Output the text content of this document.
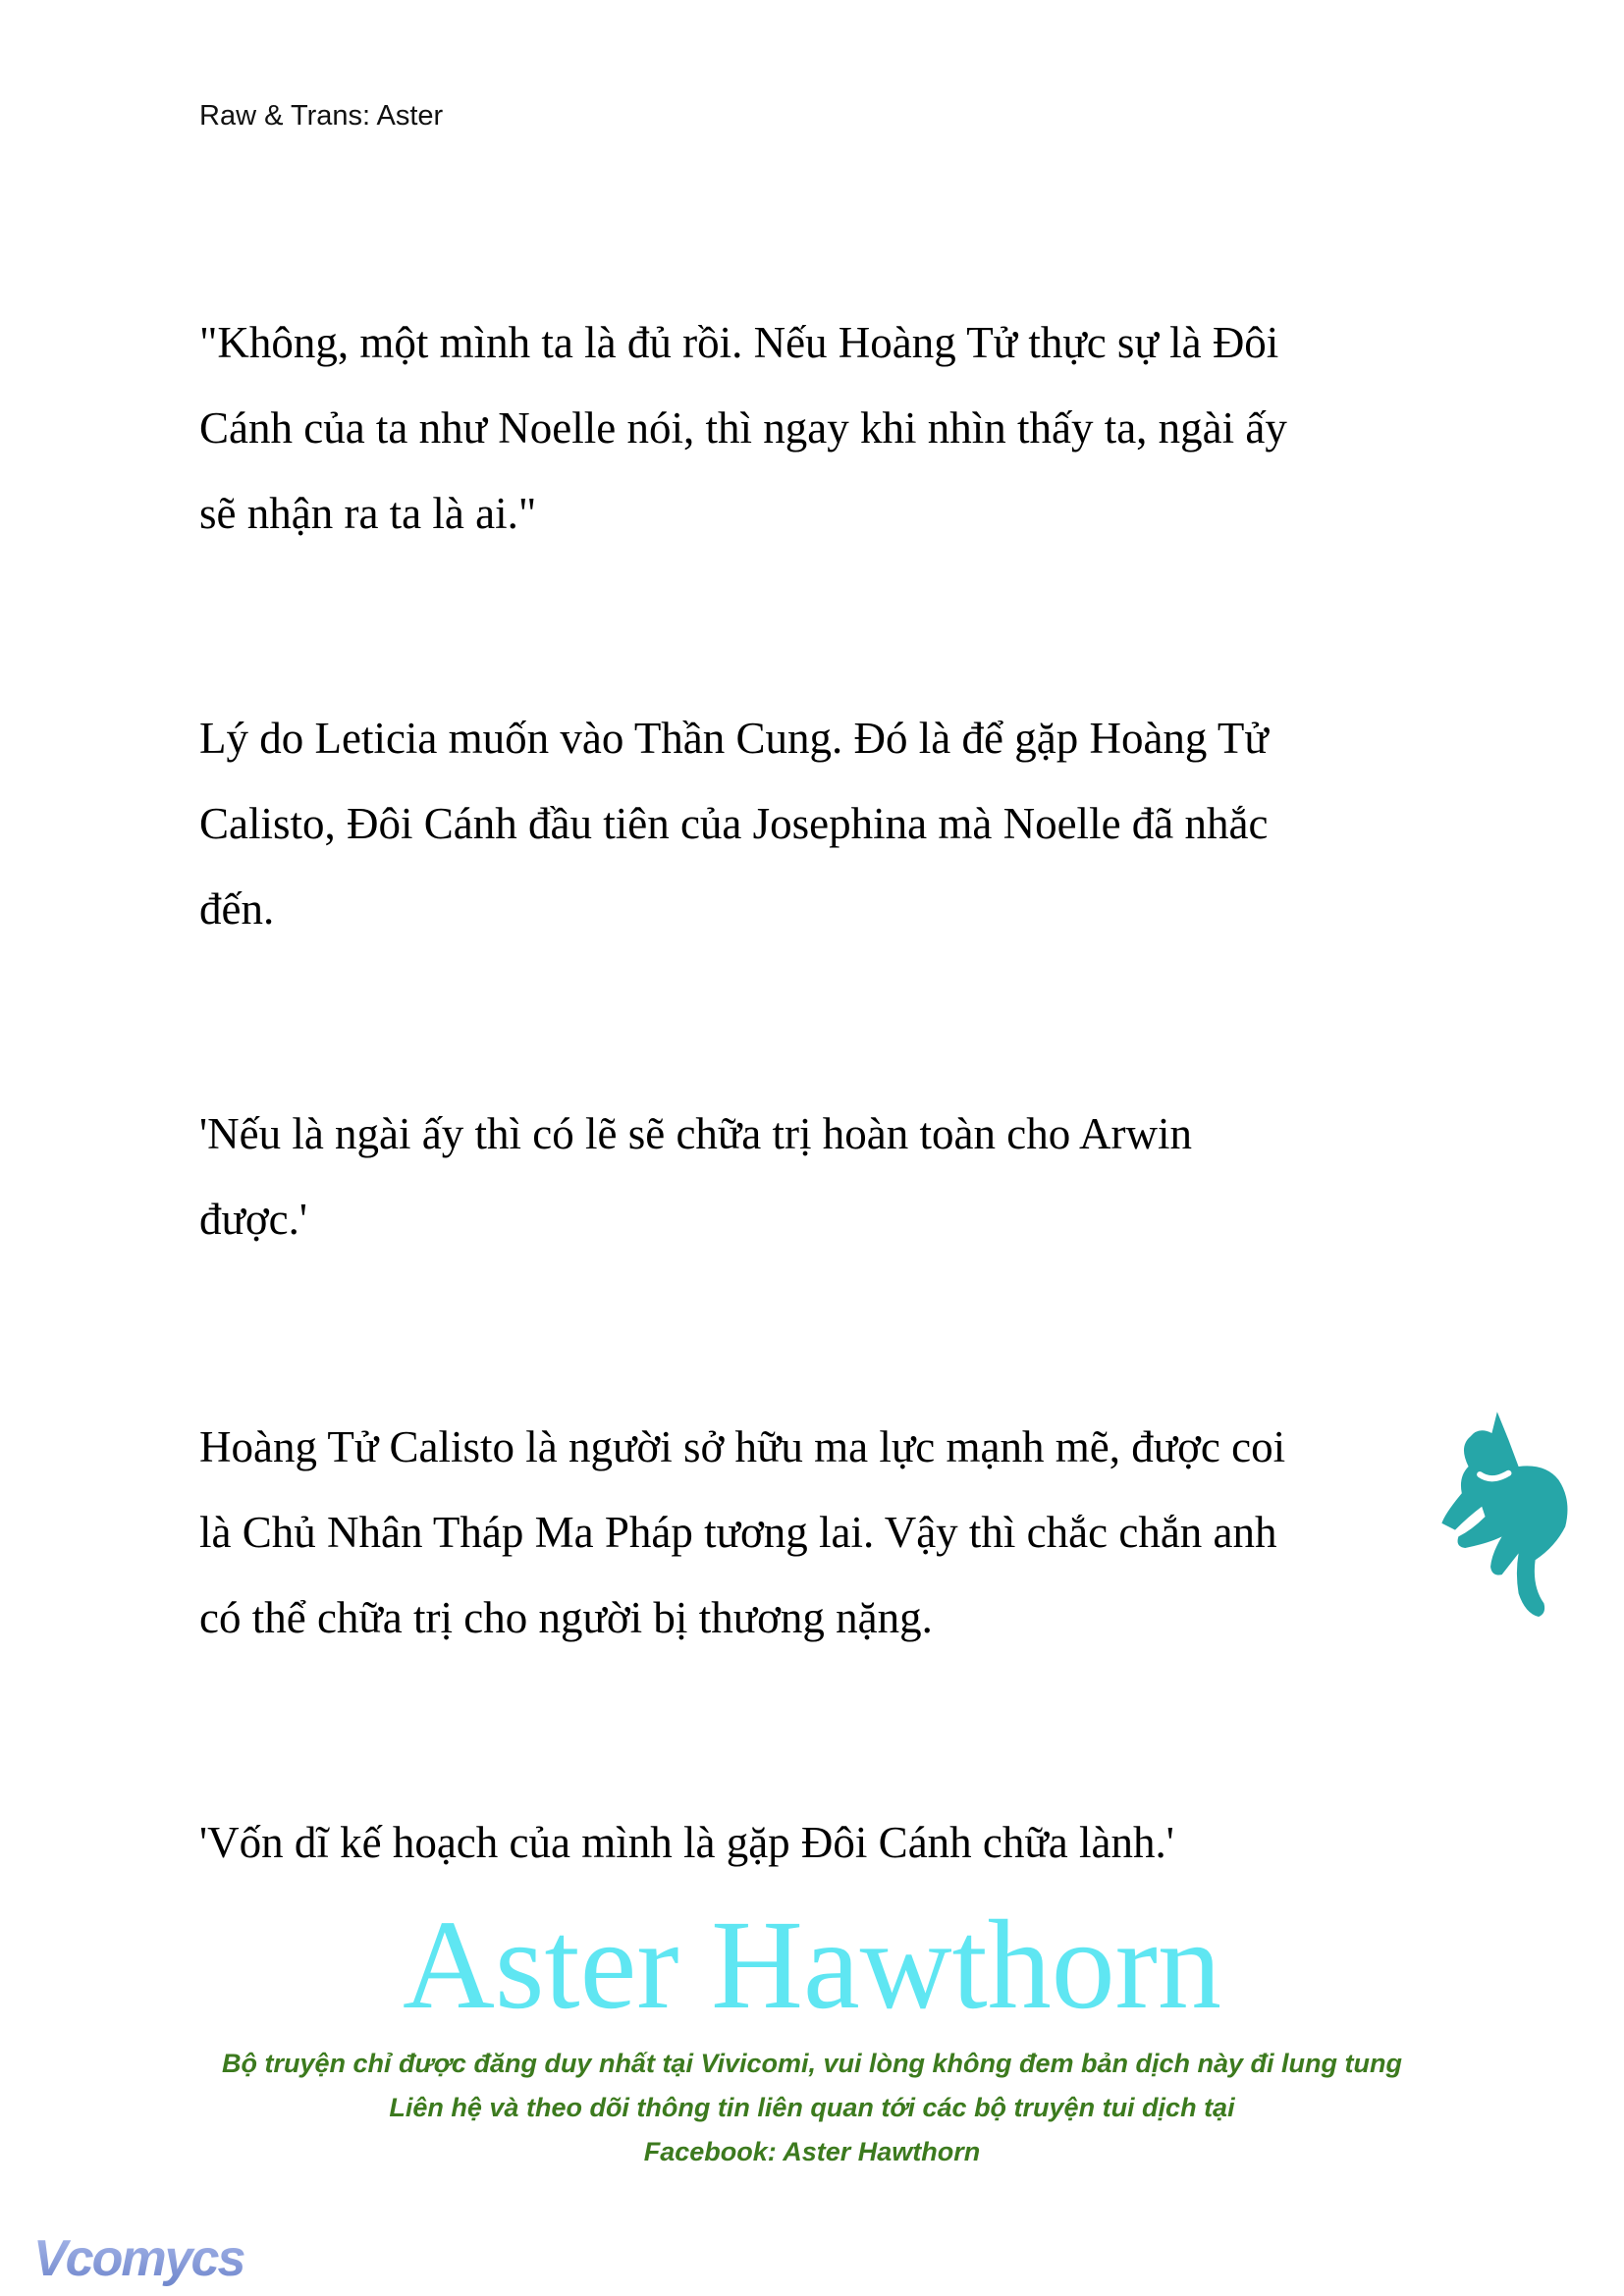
Raw & Trans: Aster
"Không, một mình ta là đủ rồi. Nếu Hoàng Tử thực sự là Đôi
Cánh của ta như Noelle nói, thì ngay khi nhìn thấy ta, ngài ấy
sẽ nhận ra ta là ai."
Lý do Leticia muốn vào Thần Cung. Đó là để gặp Hoàng Tử
Calisto, Đôi Cánh đầu tiên của Josephina mà Noelle đã nhắc
đến.
'Nếu là ngài ấy thì có lẽ sẽ chữa trị hoàn toàn cho Arwin
được.'
Hoàng Tử Calisto là người sở hữu ma lực mạnh mẽ, được coi
là Chủ Nhân Tháp Ma Pháp tương lai. Vậy thì chắc chắn anh
có thể chữa trị cho người bị thương nặng.
'Vốn dĩ kế hoạch của mình là gặp Đôi Cánh chữa lành.'
Aster Hawthorn
Bộ truyện chỉ được đăng duy nhất tại Vivicomi, vui lòng không đem bản dịch này đi lung tung
Liên hệ và theo dõi thông tin liên quan tới các bộ truyện tui dịch tại
Facebook: Aster Hawthorn
Vcomycs
